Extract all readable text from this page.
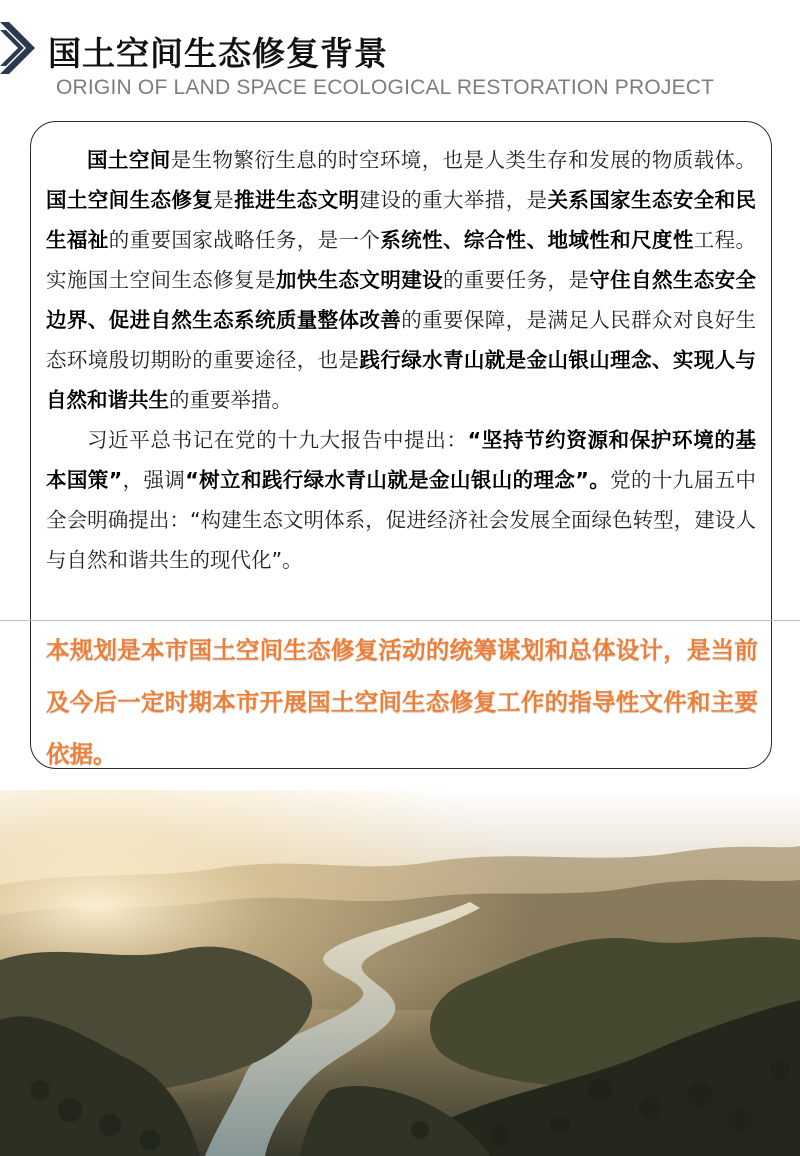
国土空间生态修复背景
ORIGIN OF LAND SPACE ECOLOGICAL RESTORATION PROJECT

国土空间是生物繁衍生息的时空环境，也是人类生存和发展的物质载体。国土空间生态修复是推进生态文明建设的重大举措，是关系国家生态安全和民生福祉的重要国家战略任务，是一个系统性、综合性、地域性和尺度性工程。实施国土空间生态修复是加快生态文明建设的重要任务，是守住自然生态安全边界、促进自然生态系统质量整体改善的重要保障，是满足人民群众对良好生态环境殷切期盼的重要途径，也是践行绿水青山就是金山银山理念、实现人与自然和谐共生的重要举措。

习近平总书记在党的十九大报告中提出：“坚持节约资源和保护环境的基本国策”，强调“树立和践行绿水青山就是金山银山的理念”。党的十九届五中全会明确提出：“构建生态文明体系，促进经济社会发展全面绿色转型，建设人与自然和谐共生的现代化”。

本规划是本市国土空间生态修复活动的统筹谋划和总体设计，是当前及今后一定时期本市开展国土空间生态修复工作的指导性文件和主要依据。
